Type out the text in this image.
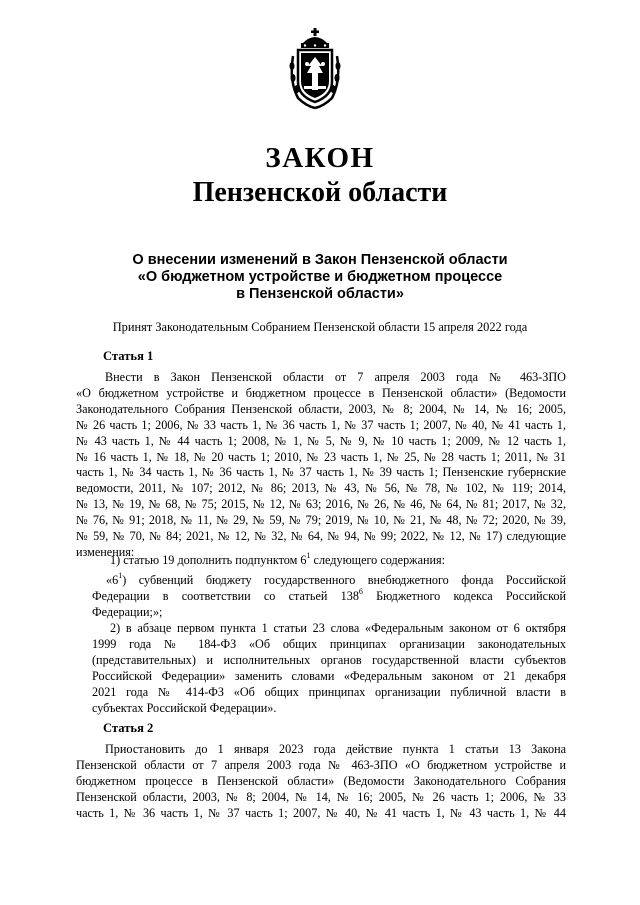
ЗАКОН
Пензенской области
О внесении изменений в Закон Пензенской области
«О бюджетном устройстве и бюджетном процессе
в Пензенской области»
Принят Законодательным Собранием Пензенской области 15 апреля 2022 года
Статья 1
Внести в Закон Пензенской области от 7 апреля 2003 года № 463-ЗПО
«О бюджетном устройстве и бюджетном процессе в Пензенской области» (Ведомости
Законодательного Собрания Пензенской области, 2003, № 8; 2004, № 14, № 16; 2005,
№ 26 часть 1; 2006, № 33 часть 1, № 36 часть 1, № 37 часть 1; 2007, № 40, № 41 часть 1,
№ 43 часть 1, № 44 часть 1; 2008, № 1, № 5, № 9, № 10 часть 1; 2009, № 12 часть 1,
№ 16 часть 1, № 18, № 20 часть 1; 2010, № 23 часть 1, № 25, № 28 часть 1; 2011, № 31
часть 1, № 34 часть 1, № 36 часть 1, № 37 часть 1, № 39 часть 1; Пензенские губернские
ведомости, 2011, № 107; 2012, № 86; 2013, № 43, № 56, № 78, № 102, № 119; 2014,
№ 13, № 19, № 68, № 75; 2015, № 12, № 63; 2016, № 26, № 46, № 64, № 81; 2017, № 32,
№ 76, № 91; 2018, № 11, № 29, № 59, № 79; 2019, № 10, № 21, № 48, № 72; 2020, № 39,
№ 59, № 70, № 84; 2021, № 12, № 32, № 64, № 94, № 99; 2022, № 12, № 17) следующие
изменения:
1) статью 19 дополнить подпунктом $6^1$ следующего содержания:
«$6^1$) субвенций бюджету государственного внебюджетного фонда Российской
Федерации в соответствии со статьей $138^6$ Бюджетного кодекса Российской
Федерации;»;
2) в абзаце первом пункта 1 статьи 23 слова «Федеральным законом от 6 октября
1999 года № 184-ФЗ «Об общих принципах организации законодательных
(представительных) и исполнительных органов государственной власти субъектов
Российской Федерации» заменить словами «Федеральным законом от 21 декабря
2021 года № 414-ФЗ «Об общих принципах организации публичной власти в
субъектах Российской Федерации».
Статья 2
Приостановить до 1 января 2023 года действие пункта 1 статьи 13 Закона
Пензенской области от 7 апреля 2003 года № 463-ЗПО «О бюджетном устройстве и
бюджетном процессе в Пензенской области» (Ведомости Законодательного Собрания
Пензенской области, 2003, № 8; 2004, № 14, № 16; 2005, № 26 часть 1; 2006, № 33
часть 1, № 36 часть 1, № 37 часть 1; 2007, № 40, № 41 часть 1, № 43 часть 1, № 44
